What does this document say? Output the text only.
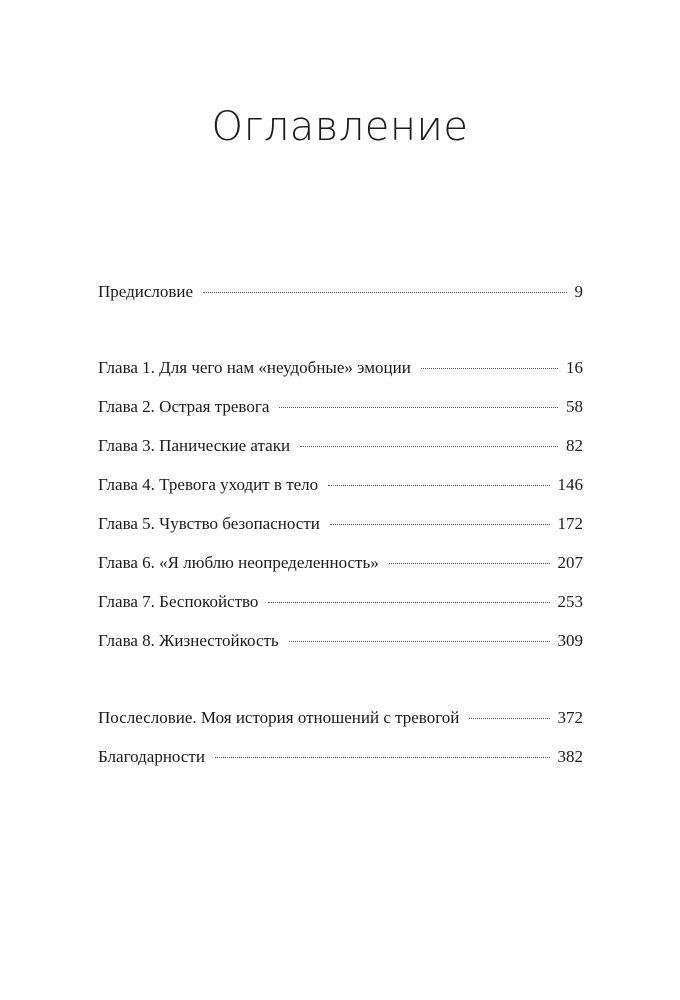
Оглавление
Предисловие	9
Глава 1. Для чего нам «неудобные» эмоции	16
Глава 2. Острая тревога	58
Глава 3. Панические атаки	82
Глава 4. Тревога уходит в тело	146
Глава 5. Чувство безопасности	172
Глава 6. «Я люблю неопределенность»	207
Глава 7. Беспокойство	253
Глава 8. Жизнестойкость	309
Послесловие. Моя история отношений с тревогой	372
Благодарности	382
